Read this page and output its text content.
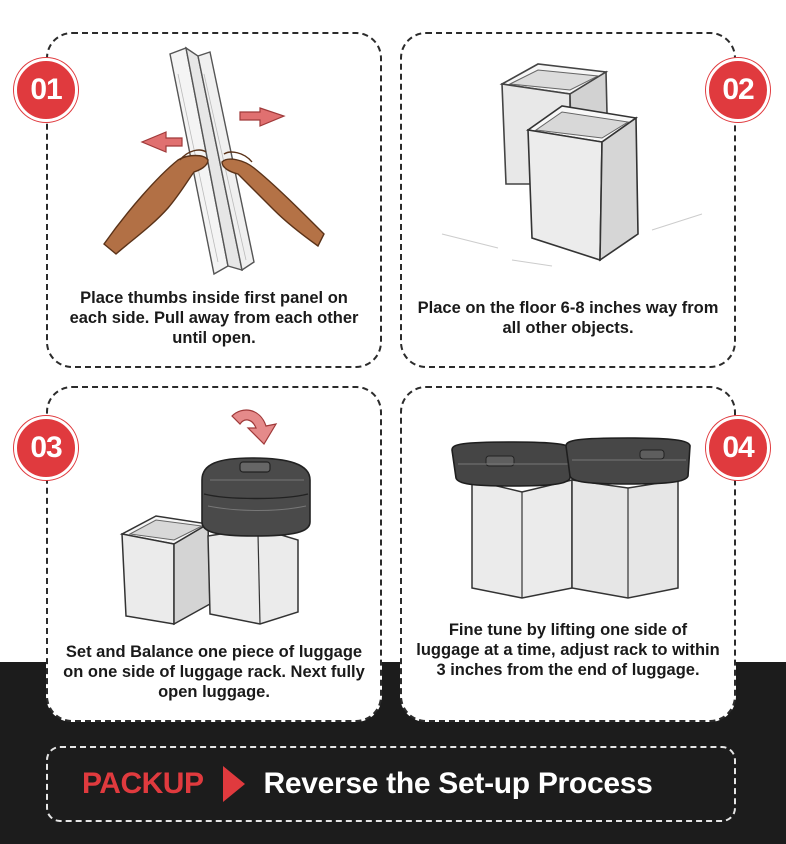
Place thumbs inside first panel on each side. Pull away from each other until open.
Place on the floor 6-8 inches way from all other objects.
Set and Balance one piece of luggage on one side of luggage rack. Next fully open luggage.
Fine tune by lifting one side of luggage at a time, adjust rack to within 3 inches from the end of luggage.
01	02
03	04
PACKUP Reverse the Set-up Process
